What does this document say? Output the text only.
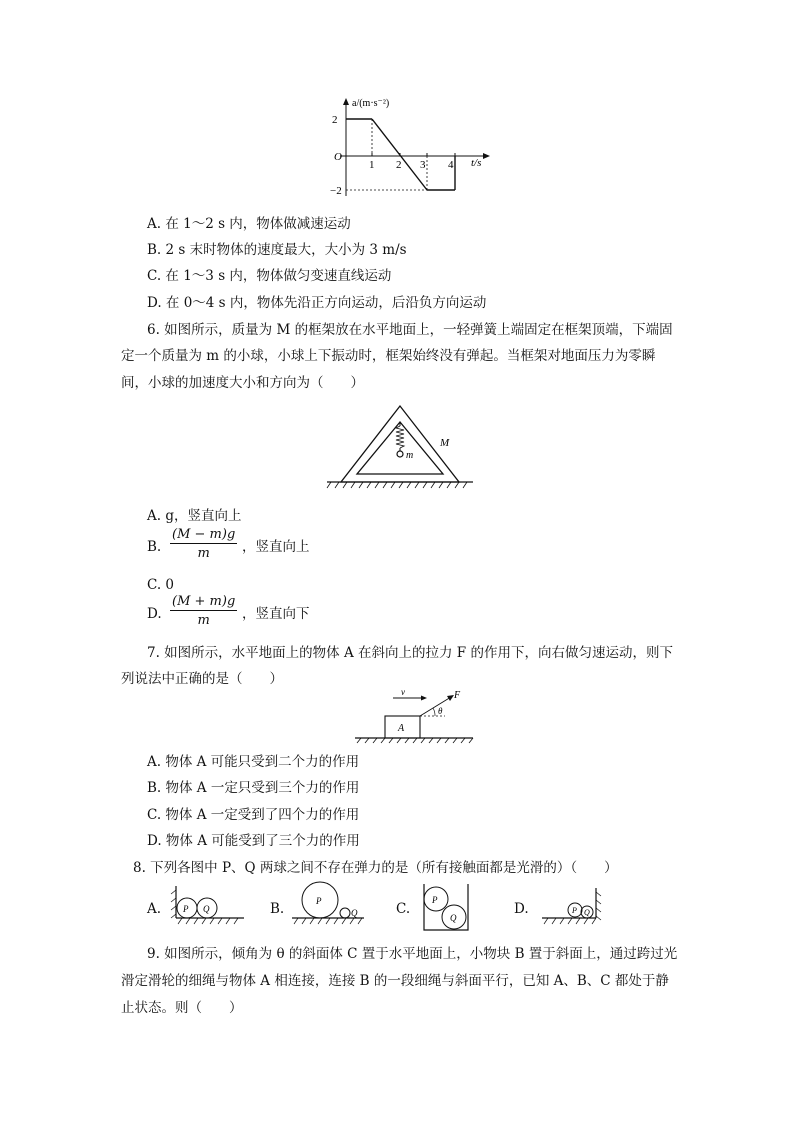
a/(m·s⁻²)
2
−2
O
1 2 3 4 t/s
A. 在 1～2 s 内，物体做减速运动
B. 2 s 末时物体的速度最大，大小为 3 m/s
C. 在 1～3 s 内，物体做匀变速直线运动
D. 在 0～4 s 内，物体先沿正方向运动，后沿负方向运动
6. 如图所示，质量为 M 的框架放在水平地面上，一轻弹簧上端固定在框架顶端，下端固
定一个质量为 m 的小球，小球上下振动时，框架始终没有弹起。当框架对地面压力为零瞬
间，小球的加速度大小和方向为（　　）
m
M
A. g，竖直向上
B. $\frac{(M - m)g}{m}$ ，竖直向上
C. 0
D. $\frac{(M + m)g}{m}$ ，竖直向下
7. 如图所示，水平地面上的物体 A 在斜向上的拉力 F 的作用下，向右做匀速运动，则下
列说法中正确的是（　　）
v
A
F
θ
A. 物体 A 可能只受到二个力的作用
B. 物体 A 一定只受到三个力的作用
C. 物体 A 一定受到了四个力的作用
D. 物体 A 可能受到了三个力的作用
8. 下列各图中 P、Q 两球之间不存在弹力的是（所有接触面都是光滑的）（　　）
A. P Q	B.	P
Q	C.
P
Q
D.	P Q
9. 如图所示，倾角为 θ 的斜面体 C 置于水平地面上，小物块 B 置于斜面上，通过跨过光
滑定滑轮的细绳与物体 A 相连接，连接 B 的一段细绳与斜面平行，已知 A、B、C 都处于静
止状态。则（　　）
